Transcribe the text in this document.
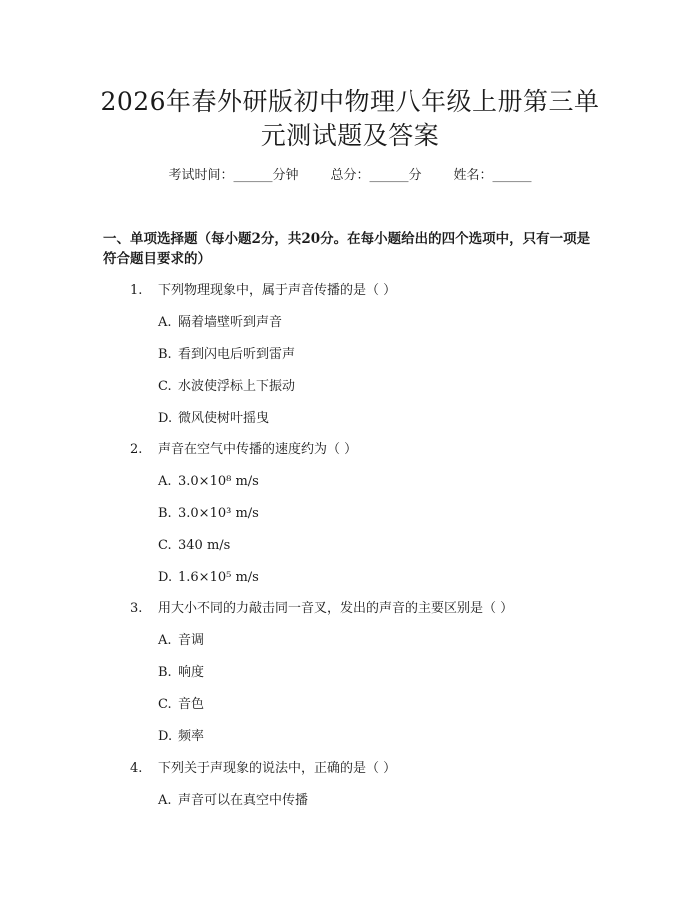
2026年春外研版初中物理八年级上册第三单
元测试题及答案
考试时间：______分钟 总分：______分 姓名：______
一、单项选择题（每小题2分，共20分。在每小题给出的四个选项中，只有一项是符合题目要求的）
1. 下列物理现象中，属于声音传播的是（ ）
A. 隔着墙壁听到声音
B. 看到闪电后听到雷声
C. 水波使浮标上下振动
D. 微风使树叶摇曳
2. 声音在空气中传播的速度约为（ ）
A. 3.0×10⁸ m/s
B. 3.0×10³ m/s
C. 340 m/s
D. 1.6×10⁵ m/s
3. 用大小不同的力敲击同一音叉，发出的声音的主要区别是（ ）
A. 音调
B. 响度
C. 音色
D. 频率
4. 下列关于声现象的说法中，正确的是（ ）
A. 声音可以在真空中传播
